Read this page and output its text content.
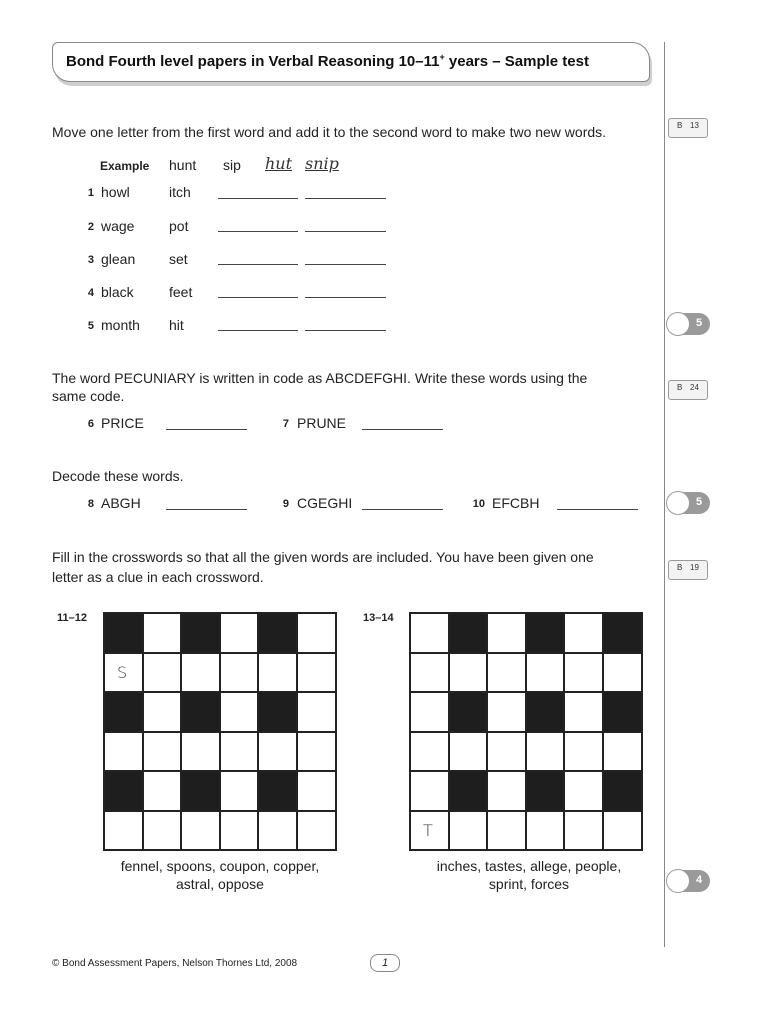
Bond Fourth level papers in Verbal Reasoning 10–11+ years – Sample test
Move one letter from the first word and add it to the second word to make two new words.	B 13
Example hunt sip hut snip
1 howl	itch
2 wage pot
3 glean set
4 black	feet
5 month hit	5
The word PECUNIARY is written in code as ABCDEFGHI. Write these words using the
same code.
B 24
6 PRICE	7 PRUNE
Decode these words.
8 ABGH	9 CGEGHI	10 EFCBH	5
Fill in the crosswords so that all the given words are included. You have been given one
letter as a clue in each crossword.
B 19
11–12	13–14
S
T
fennel, spoons, coupon, copper,
astral, oppose
inches, tastes, allege, people,
sprint, forces	4
© Bond Assessment Papers, Nelson Thornes Ltd, 2008	1
